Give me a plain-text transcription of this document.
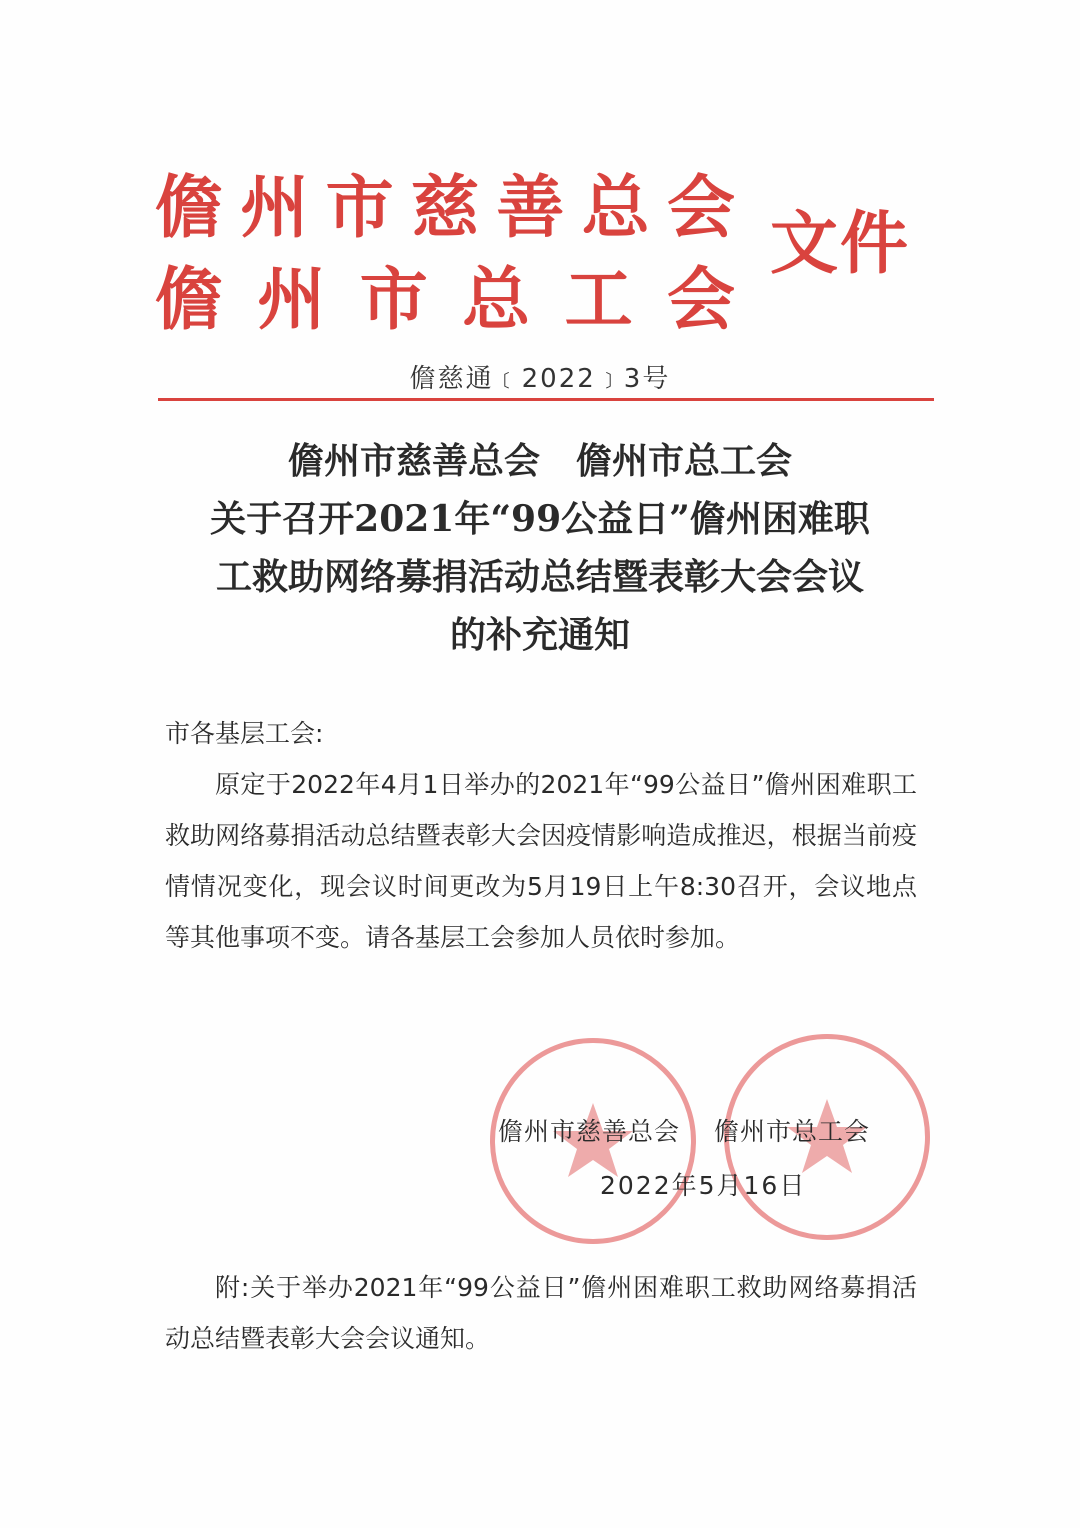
儋 州 市 慈 善 总 会
儋 州 市 总 工 会
文件
儋慈通﹝2022﹞3号
儋州市慈善总会　儋州市总工会
关于召开2021年“99公益日”儋州困难职
工救助网络募捐活动总结暨表彰大会会议
的补充通知

市各基层工会:

原定于2022年4月1日举办的2021年“99公益日”儋州困难职工救助网络募捐活动总结暨表彰大会因疫情影响造成推迟，根据当前疫情情况变化，现会议时间更改为5月19日上午8:30召开，会议地点等其他事项不变。请各基层工会参加人员依时参加。

儋州市慈善总会 儋州市总工会
2022年5月16日
附:关于举办2021年“99公益日”儋州困难职工救助网络募捐活动总结暨表彰大会会议通知。
